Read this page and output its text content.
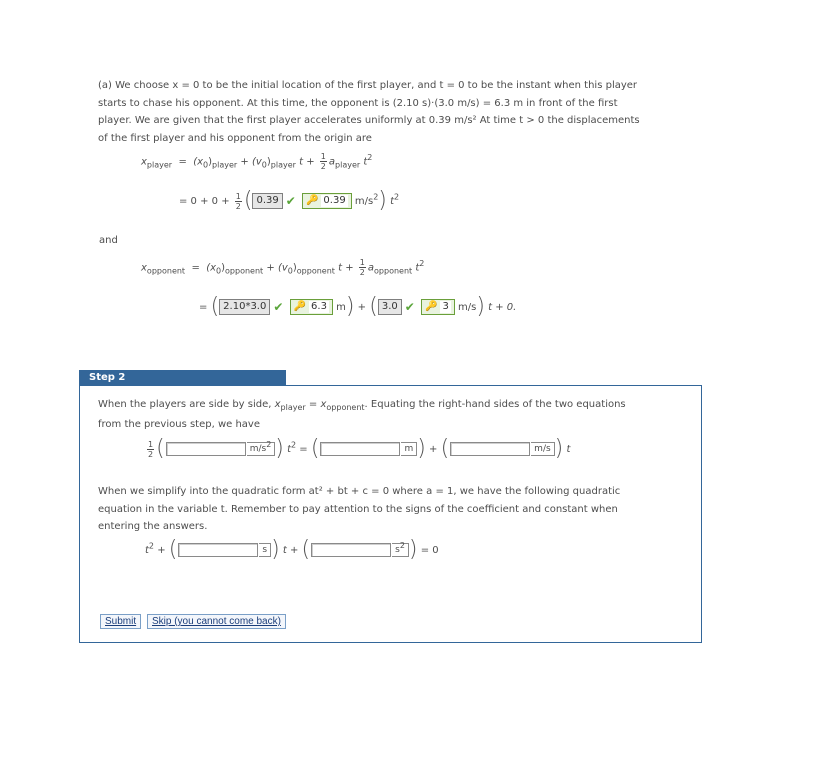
(a) We choose x = 0 to be the initial location of the first player, and t = 0 to be the instant when this player
starts to chase his opponent. At this time, the opponent is (2.10 s)·(3.0 m/s) = 6.3 m in front of the first
player. We are given that the first player accelerates uniformly at 0.39 m/s² At time t > 0 the displacements
of the first player and his opponent from the origin are
$x_{player} = (x_0)_{player} + (v_0)_{player}$ $t + \frac{1}{2} a_{player}$ $t^2$
= $0 + 0 + \frac{1}{2}$ ( 0.39 ✔ 🔑 0.39 $m/s^2$) $t^2$
and
$x_{opponent} = (x_0)_{opponent} + (v_0)_{opponent}$ $t + \frac{1}{2} a_{opponent}$ $t^2$
= ( 2.10*3.0 ✔ 🔑 6.3 m) + ( 3.0 ✔ 🔑 3 m/s) t + 0.
Step 2
When the players are side by side, $x_{player} = x_{opponent}$. Equating the right-hand sides of the two equations
from the previous step, we have
$\frac{1}{2}$ (	$m/s^2$ ) $t^2$ = (	m ) + (	m/s ) t
When we simplify into the quadratic form at² + bt + c = 0 where a = 1, we have the following quadratic
equation in the variable t. Remember to pay attention to the signs of the coefficient and constant when
entering the answers.
$t^2$ + (	s ) t + (	$s^2$ ) = 0
Submit	Skip (you cannot come back)
